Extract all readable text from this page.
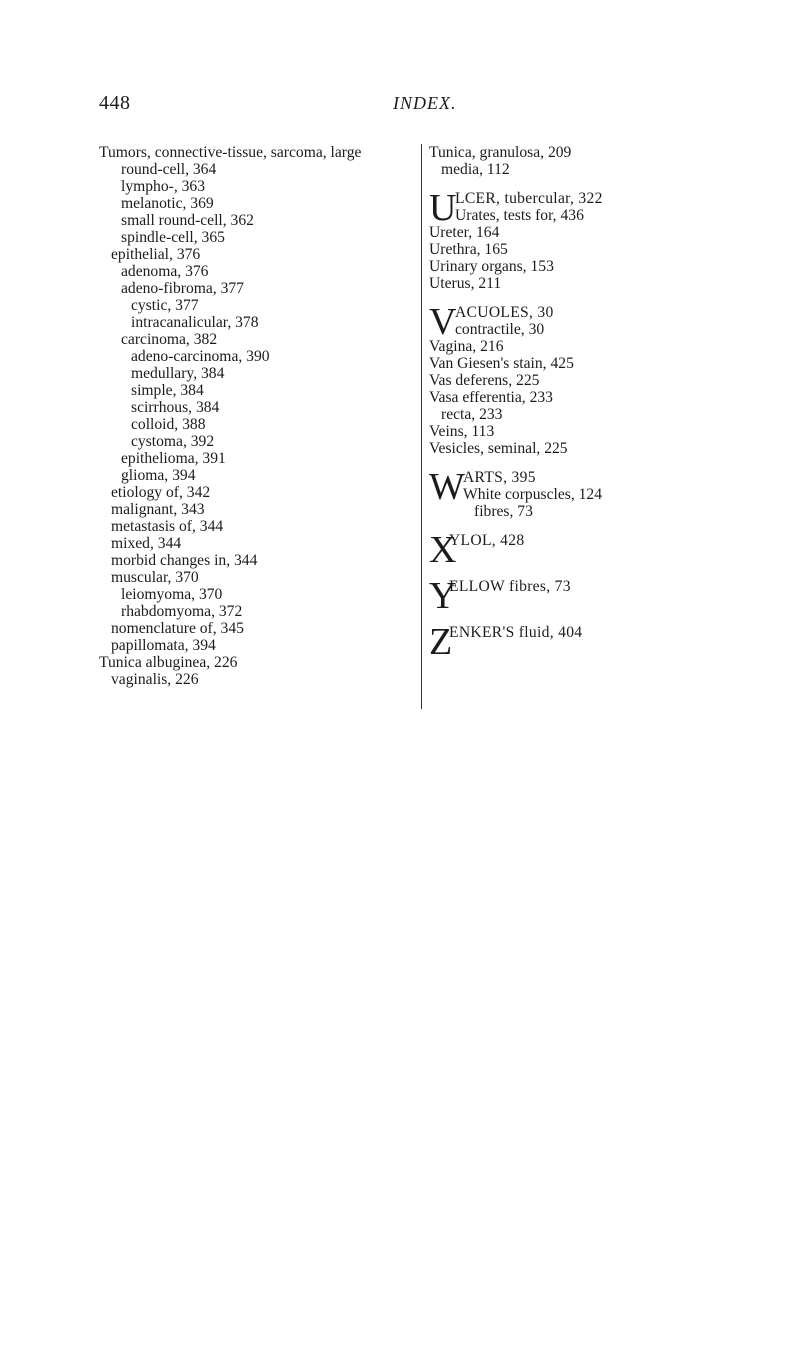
448	INDEX.
Tumors, connective-tissue, sarcoma, large
round-cell, 364
lympho-, 363
melanotic, 369
small round-cell, 362
spindle-cell, 365
epithelial, 376
adenoma, 376
adeno-fibroma, 377
cystic, 377
intracanalicular, 378
carcinoma, 382
adeno-carcinoma, 390
medullary, 384
simple, 384
scirrhous, 384
colloid, 388
cystoma, 392
epithelioma, 391
glioma, 394
etiology of, 342
malignant, 343
metastasis of, 344
mixed, 344
morbid changes in, 344
muscular, 370
leiomyoma, 370
rhabdomyoma, 372
nomenclature of, 345
papillomata, 394
Tunica albuginea, 226
vaginalis, 226
Tunica, granulosa, 209
media, 112
U
LCER, tubercular, 322
Urates, tests for, 436
Ureter, 164
Urethra, 165
Urinary organs, 153
Uterus, 211
V
ACUOLES, 30
contractile, 30
Vagina, 216
Van Giesen's stain, 425
Vas deferens, 225
Vasa efferentia, 233
recta, 233
Veins, 113
Vesicles, seminal, 225
W
ARTS, 395
White corpuscles, 124
fibres, 73
X
YLOL, 428
Y
ELLOW fibres, 73
Z
ENKER'S fluid, 404
